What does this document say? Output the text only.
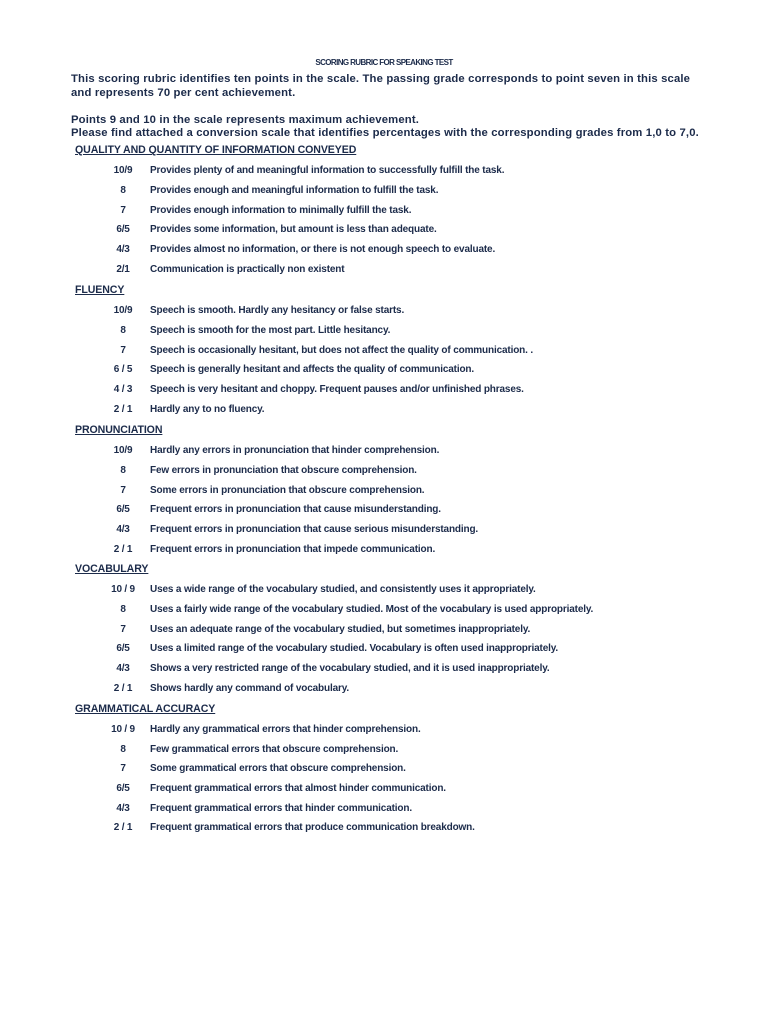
SCORING RUBRIC FOR SPEAKING TEST

This scoring rubric identifies ten points in the scale. The passing grade corresponds to point seven in this scale

and represents 70 per cent achievement.

Points 9 and 10 in the scale represents maximum achievement.

Please find attached a conversion scale that identifies percentages with the corresponding grades from 1,0 to 7,0.

QUALITY AND QUANTITY OF INFORMATION CONVEYED
10/9	Provides plenty of and meaningful information to successfully fulfill the task.
8	Provides enough and meaningful information to fulfill the task.
7	Provides enough information to minimally fulfill the task.
6/5	Provides some information, but amount is less than adequate.
4/3	Provides almost no information, or there is not enough speech to evaluate.
2/1	Communication is practically non existent
FLUENCY
10/9	Speech is smooth. Hardly any hesitancy or false starts.
8	Speech is smooth for the most part. Little hesitancy.
7	Speech is occasionally hesitant, but does not affect the quality of communication. .
6 / 5	Speech is generally hesitant and affects the quality of communication.
4 / 3	Speech is very hesitant and choppy. Frequent pauses and/or unfinished phrases.
2 / 1	Hardly any to no fluency.
PRONUNCIATION
10/9	Hardly any errors in pronunciation that hinder comprehension.
8	Few errors in pronunciation that obscure comprehension.
7	Some errors in pronunciation that obscure comprehension.
6/5	Frequent errors in pronunciation that cause misunderstanding.
4/3	Frequent errors in pronunciation that cause serious misunderstanding.
2 / 1	Frequent errors in pronunciation that impede communication.
VOCABULARY
10 / 9	Uses a wide range of the vocabulary studied, and consistently uses it appropriately.
8	Uses a fairly wide range of the vocabulary studied. Most of the vocabulary is used appropriately.
7	Uses an adequate range of the vocabulary studied, but sometimes inappropriately.
6/5	Uses a limited range of the vocabulary studied. Vocabulary is often used inappropriately.
4/3	Shows a very restricted range of the vocabulary studied, and it is used inappropriately.
2 / 1	Shows hardly any command of vocabulary.
GRAMMATICAL ACCURACY
10 / 9	Hardly any grammatical errors that hinder comprehension.
8	Few grammatical errors that obscure comprehension.
7	Some grammatical errors that obscure comprehension.
6/5	Frequent grammatical errors that almost hinder communication.
4/3	Frequent grammatical errors that hinder communication.
2 / 1	Frequent grammatical errors that produce communication breakdown.
